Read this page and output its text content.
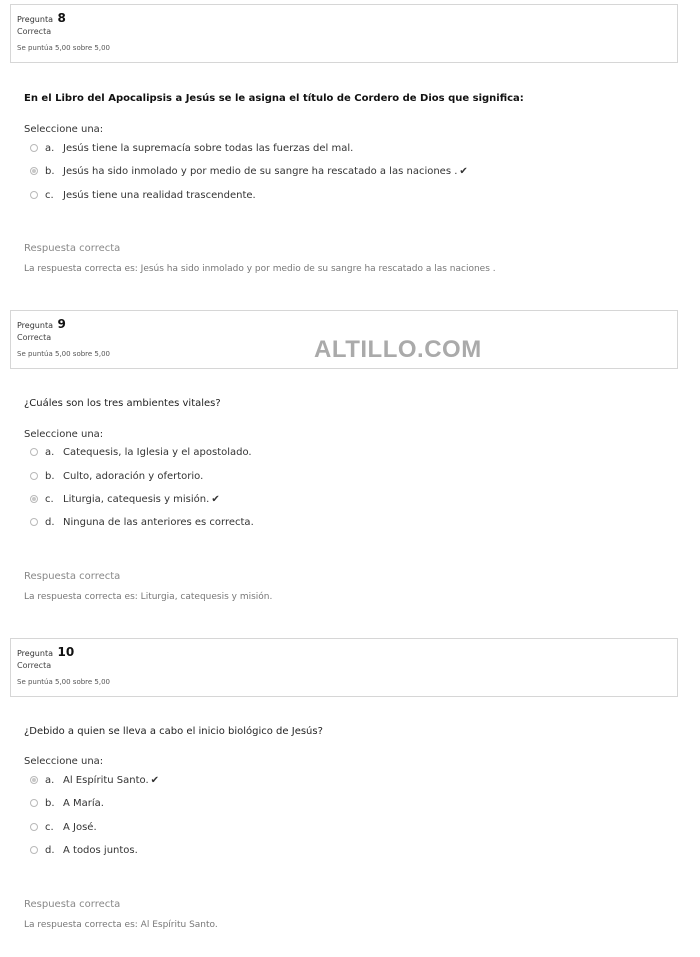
Pregunta 8
Correcta
Se puntúa 5,00 sobre 5,00
En el Libro del Apocalipsis a Jesús se le asigna el título de Cordero de Dios que significa:
Seleccione una:
a. Jesús tiene la supremacía sobre todas las fuerzas del mal.
b. Jesús ha sido inmolado y por medio de su sangre ha rescatado a las naciones . ✔
c. Jesús tiene una realidad trascendente.
Respuesta correcta
La respuesta correcta es: Jesús ha sido inmolado y por medio de su sangre ha rescatado a las naciones .
Pregunta 9
Correcta
Se puntúa 5,00 sobre 5,00	ALTILLO.COM
¿Cuáles son los tres ambientes vitales?
Seleccione una:
a. Catequesis, la Iglesia y el apostolado.
b. Culto, adoración y ofertorio.
c. Liturgia, catequesis y misión. ✔
d. Ninguna de las anteriores es correcta.
Respuesta correcta
La respuesta correcta es: Liturgia, catequesis y misión.
Pregunta 10
Correcta
Se puntúa 5,00 sobre 5,00
¿Debido a quien se lleva a cabo el inicio biológico de Jesús?
Seleccione una:
a. Al Espíritu Santo. ✔
b. A María.
c. A José.
d. A todos juntos.
Respuesta correcta
La respuesta correcta es: Al Espíritu Santo.
